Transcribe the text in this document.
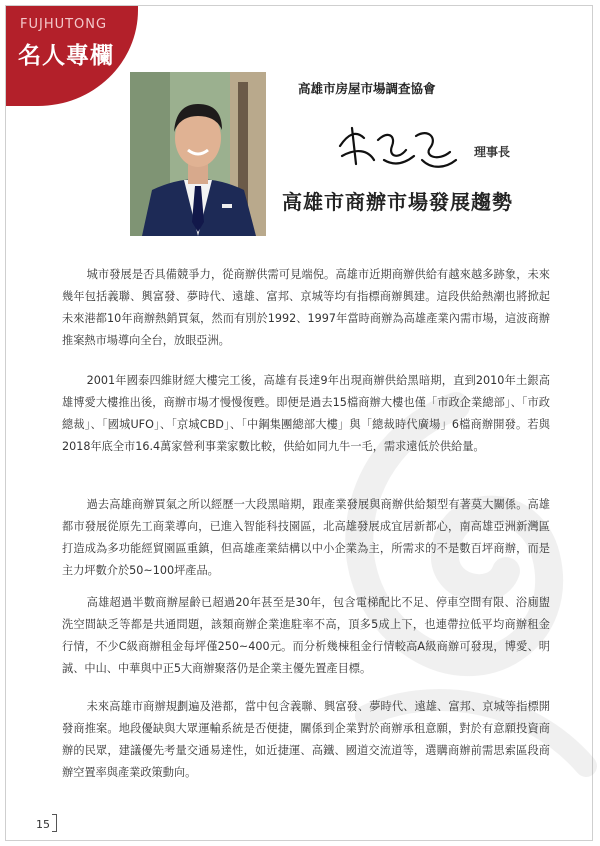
FUJHUTONG
名人專欄
高雄市房屋市場調查協會
理事長
高雄市商辦市場發展趨勢
城市發展是否具備競爭力，從商辦供需可見端倪。高雄市近期商辦供給有越來越多跡象，未來幾年包括義聯、興富發、夢時代、遠雄、富邦、京城等均有指標商辦興建。這段供給熱潮也將掀起未來港都10年商辦熱銷買氣，然而有別於1992、1997年當時商辦為高雄產業內需市場，這波商辦推案熱市場導向全台，放眼亞洲。
2001年國泰四維財經大樓完工後，高雄有長達9年出現商辦供給黑暗期，直到2010年土銀高雄博愛大樓推出後，商辦市場才慢慢復甦。即便是過去15檔商辦大樓也僅「市政企業總部」、「市政總裁」、「國城UFO」、「京城CBD」、「中鋼集團總部大樓」與「總裁時代廣場」6檔商辦開發。若與2018年底全市16.4萬家營利事業家數比較，供給如同九牛一毛，需求遠低於供給量。
過去高雄商辦買氣之所以經歷一大段黑暗期，跟產業發展與商辦供給類型有著莫大關係。高雄都市發展從原先工商業導向，已進入智能科技園區，北高雄發展成宜居新都心，南高雄亞洲新灣區打造成為多功能經貿園區重鎮，但高雄產業結構以中小企業為主，所需求的不是數百坪商辦，而是主力坪數介於50~100坪產品。
高雄超過半數商辦屋齡已超過20年甚至是30年，包含電梯配比不足、停車空間有限、浴廁盥洗空間缺乏等都是共通問題，該類商辦企業進駐率不高，頂多5成上下，也連帶拉低平均商辦租金行情，不少C級商辦租金每坪僅250~400元。而分析幾棟租金行情較高A級商辦可發現，博愛、明誠、中山、中華與中正5大商辦聚落仍是企業主優先置產目標。
未來高雄市商辦規劃遍及港都，當中包含義聯、興富發、夢時代、遠雄、富邦、京城等指標開發商推案。地段優缺與大眾運輸系統是否便捷，關係到企業對於商辦承租意願，對於有意願投資商辦的民眾，建議優先考量交通易達性，如近捷運、高鐵、國道交流道等，選購商辦前需思索區段商辦空置率與產業政策動向。
15
